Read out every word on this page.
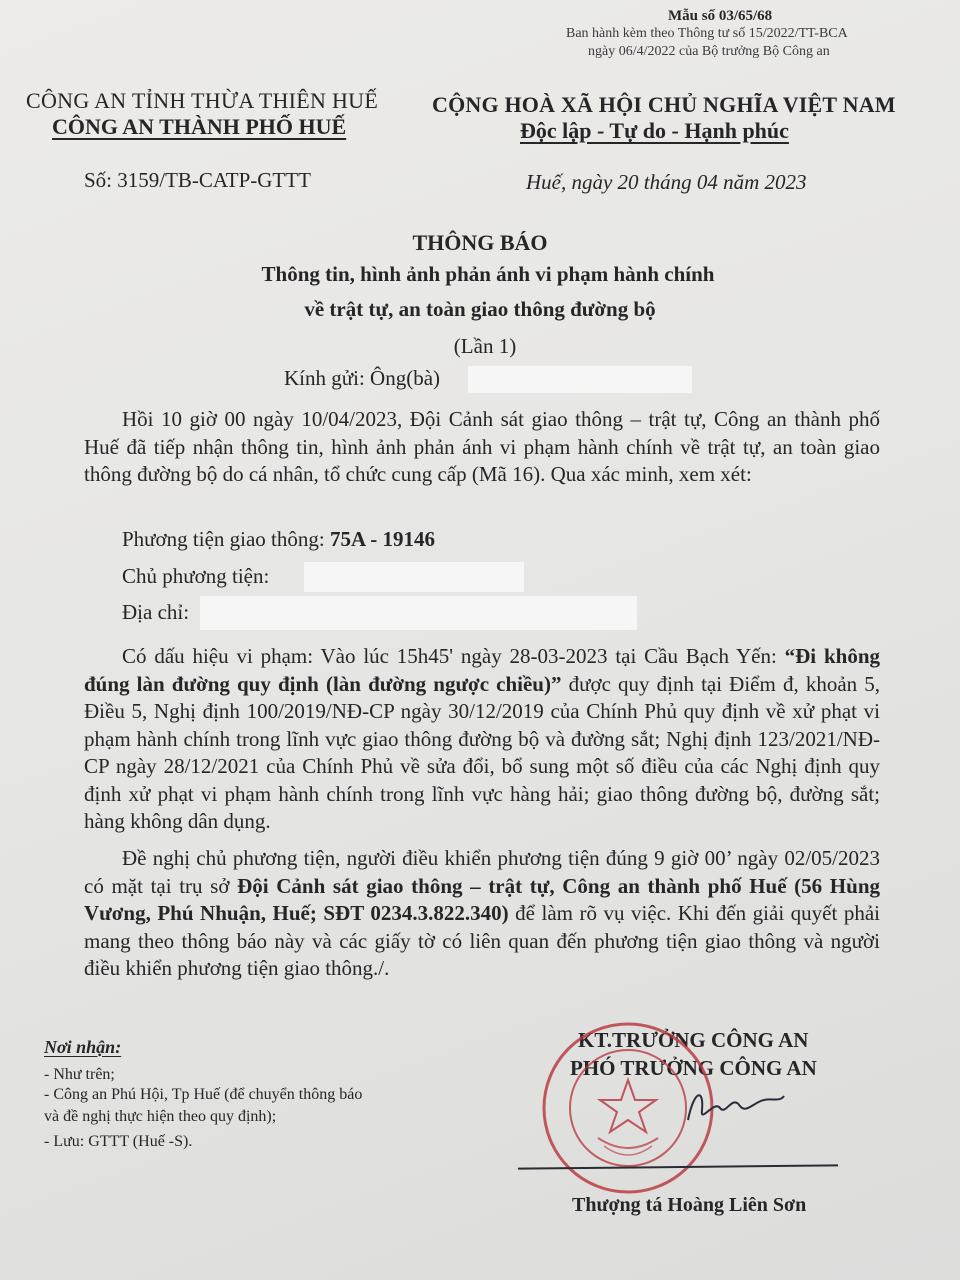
Mẫu số 03/65/68
Ban hành kèm theo Thông tư số 15/2022/TT-BCA
ngày 06/4/2022 của Bộ trưởng Bộ Công an
CÔNG AN TỈNH THỪA THIÊN HUẾ
CÔNG AN THÀNH PHỐ HUẾ
CỘNG HOÀ XÃ HỘI CHỦ NGHĨA VIỆT NAM
Độc lập - Tự do - Hạnh phúc
Số: 3159/TB-CATP-GTTT	Huế, ngày 20 tháng 04 năm 2023
THÔNG BÁO
Thông tin, hình ảnh phản ánh vi phạm hành chính
về trật tự, an toàn giao thông đường bộ
(Lần 1)
Kính gửi: Ông(bà)
Hồi 10 giờ 00 ngày 10/04/2023, Đội Cảnh sát giao thông – trật tự, Công an thành phố Huế đã tiếp nhận thông tin, hình ảnh phản ánh vi phạm hành chính về trật tự, an toàn giao thông đường bộ do cá nhân, tổ chức cung cấp (Mã 16). Qua xác minh, xem xét:
Phương tiện giao thông: 75A - 19146
Chủ phương tiện:
Địa chỉ:
Có dấu hiệu vi phạm: Vào lúc 15h45' ngày 28-03-2023 tại Cầu Bạch Yến: “Đi không đúng làn đường quy định (làn đường ngược chiều)” được quy định tại Điểm đ, khoản 5, Điều 5, Nghị định 100/2019/NĐ-CP ngày 30/12/2019 của Chính Phủ quy định về xử phạt vi phạm hành chính trong lĩnh vực giao thông đường bộ và đường sắt; Nghị định 123/2021/NĐ-CP ngày 28/12/2021 của Chính Phủ về sửa đổi, bổ sung một số điều của các Nghị định quy định xử phạt vi phạm hành chính trong lĩnh vực hàng hải; giao thông đường bộ, đường sắt; hàng không dân dụng.
Đề nghị chủ phương tiện, người điều khiển phương tiện đúng 9 giờ 00’ ngày 02/05/2023 có mặt tại trụ sở Đội Cảnh sát giao thông – trật tự, Công an thành phố Huế (56 Hùng Vương, Phú Nhuận, Huế; SĐT 0234.3.822.340) để làm rõ vụ việc. Khi đến giải quyết phải mang theo thông báo này và các giấy tờ có liên quan đến phương tiện giao thông và người điều khiển phương tiện giao thông./.
Nơi nhận:
- Như trên;
- Công an Phú Hội, Tp Huế (để chuyển thông báo
và đề nghị thực hiện theo quy định);
- Lưu: GTTT (Huế -S).
KT.TRƯỞNG CÔNG AN
PHÓ TRƯỞNG CÔNG AN
Thượng tá Hoàng Liên Sơn
